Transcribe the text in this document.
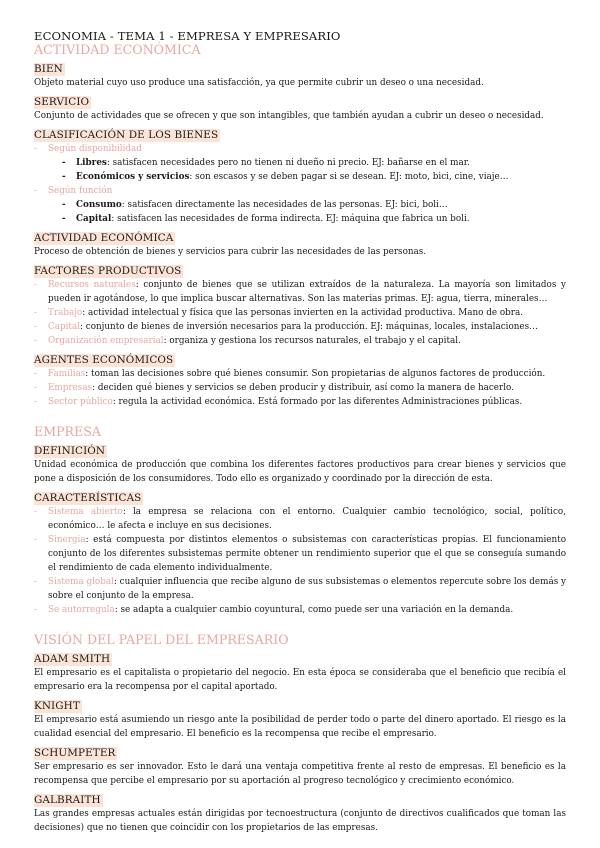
ECONOMIA - TEMA 1 - EMPRESA Y EMPRESARIO
ACTIVIDAD ECONÓMICA
BIEN
Objeto material cuyo uso produce una satisfacción, ya que permite cubrir un deseo o una necesidad.
SERVICIO
Conjunto de actividades que se ofrecen y que son intangibles, que también ayudan a cubrir un deseo o necesidad.
CLASIFICACIÓN DE LOS BIENES
- Según disponibilidad
- Libres: satisfacen necesidades pero no tienen ni dueño ni precio. EJ: bañarse en el mar.
- Económicos y servicios: son escasos y se deben pagar si se desean. EJ: moto, bici, cine, viaje…
- Según función
- Consumo: satisfacen directamente las necesidades de las personas. EJ: bici, boli…
- Capital: satisfacen las necesidades de forma indirecta. EJ: máquina que fabrica un boli.
ACTIVIDAD ECONÓMICA
Proceso de obtención de bienes y servicios para cubrir las necesidades de las personas.
FACTORES PRODUCTIVOS
- Recursos naturales: conjunto de bienes que se utilizan extraídos de la naturaleza. La mayoría son limitados y pueden ir agotándose, lo que implica buscar alternativas. Son las materias primas. EJ: agua, tierra, minerales…
- Trabajo: actividad intelectual y física que las personas invierten en la actividad productiva. Mano de obra.
- Capital: conjunto de bienes de inversión necesarios para la producción. EJ: máquinas, locales, instalaciones…
- Organización empresarial: organiza y gestiona los recursos naturales, el trabajo y el capital.
AGENTES ECONÓMICOS
- Familias: toman las decisiones sobre qué bienes consumir. Son propietarias de algunos factores de producción.
- Empresas: deciden qué bienes y servicios se deben producir y distribuir, así como la manera de hacerlo.
- Sector público: regula la actividad económica. Está formado por las diferentes Administraciones públicas.
EMPRESA
DEFINICIÓN
Unidad económica de producción que combina los diferentes factores productivos para crear bienes y servicios que pone a disposición de los consumidores. Todo ello es organizado y coordinado por la dirección de esta.
CARACTERÍSTICAS
- Sistema abierto: la empresa se relaciona con el entorno. Cualquier cambio tecnológico, social, político, económico… le afecta e incluye en sus decisiones.
- Sinergia: está compuesta por distintos elementos o subsistemas con características propias. El funcionamiento conjunto de los diferentes subsistemas permite obtener un rendimiento superior que el que se conseguía sumando el rendimiento de cada elemento individualmente.
- Sistema global: cualquier influencia que recibe alguno de sus subsistemas o elementos repercute sobre los demás y sobre el conjunto de la empresa.
- Se autorregula: se adapta a cualquier cambio coyuntural, como puede ser una variación en la demanda.
VISIÓN DEL PAPEL DEL EMPRESARIO
ADAM SMITH
El empresario es el capitalista o propietario del negocio. En esta época se consideraba que el beneficio que recibía el empresario era la recompensa por el capital aportado.
KNIGHT
El empresario está asumiendo un riesgo ante la posibilidad de perder todo o parte del dinero aportado. El riesgo es la cualidad esencial del empresario. El beneficio es la recompensa que recibe el empresario.
SCHUMPETER
Ser empresario es ser innovador. Esto le dará una ventaja competitiva frente al resto de empresas. El beneficio es la recompensa que percibe el empresario por su aportación al progreso tecnológico y crecimiento económico.
GALBRAITH
Las grandes empresas actuales están dirigidas por tecnoestructura (conjunto de directivos cualificados que toman las decisiones) que no tienen que coincidir con los propietarios de las empresas.
